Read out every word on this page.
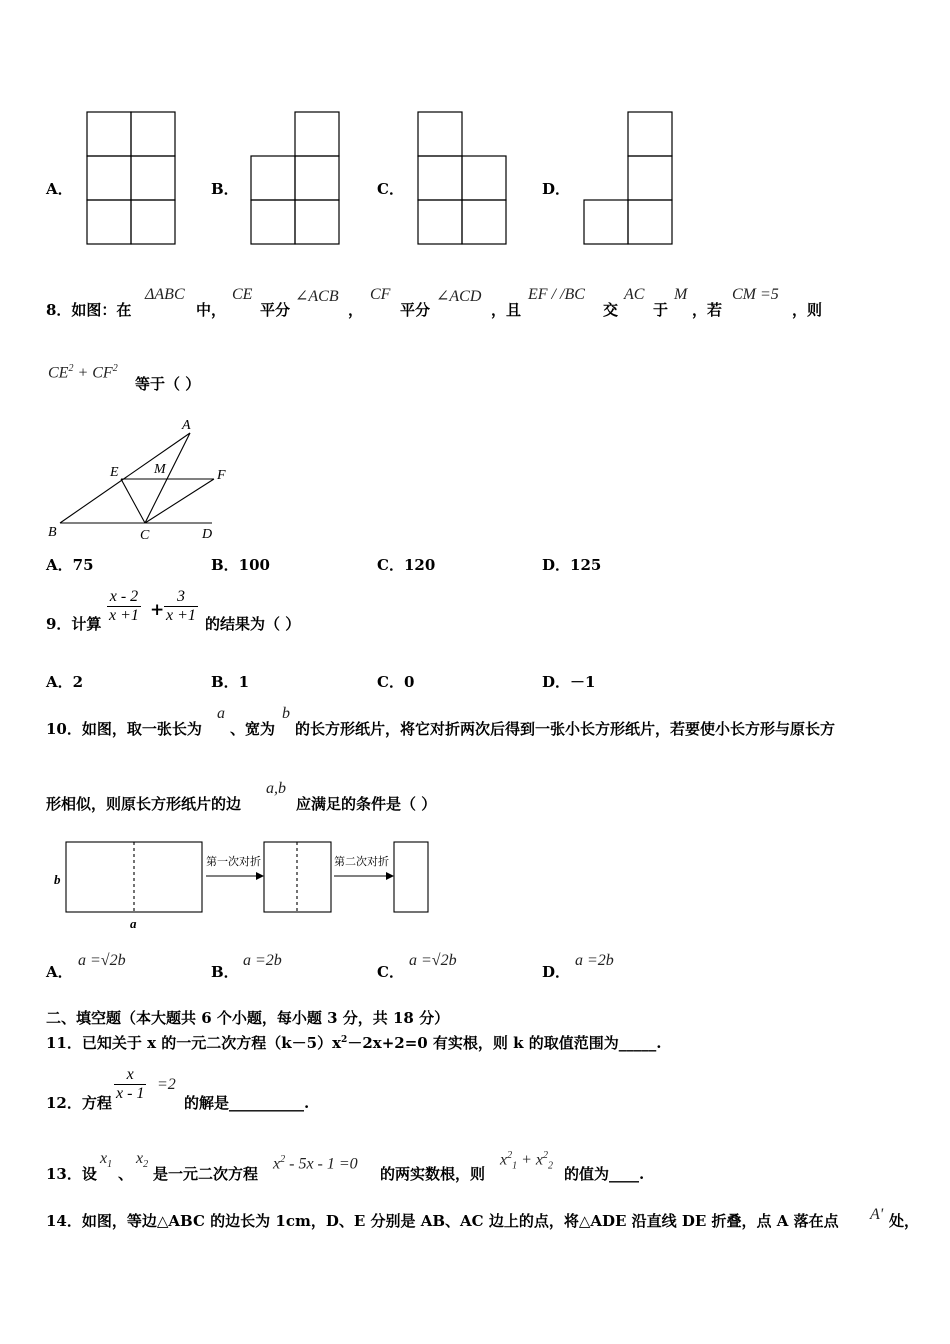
A．	B．	C．	D．
8．如图：在
ΔABC
中，
CE
平分
∠ACB
，
CF
平分
∠ACD
，且
EF / /BC
交
AC
于
M
，若
CM =5
，则
$CE^2 + CF^2$
等于（ ）
A
B	C	D
E	F
M
A．75	B．100	C．120	D．125
9．计算 $\frac{x - 2}{x +1} + \frac{3}{x +1}$ 的结果为（ ）
A．2	B．1	C．0	D．－1
10．如图，取一张长为
a
、宽为
b
的长方形纸片，将它对折两次后得到一张小长方形纸片，若要使小长方形与原长方
形相似，则原长方形纸片的边
a,b
应满足的条件是（ ）
第一次对折	第二次对折
a
b
A．
a =√2b
B．
a =2b
C．
a =√2b
D．
a =2b
二、填空题（本大题共 6 个小题，每小题 3 分，共 18 分）
11．已知关于 x 的一元二次方程$(k-5)x^2-2x+2=0$ 有实根，则 k 的取值范围为_____.
12．方程 $\frac{x}{x - 1} =2$
的解是__________.
13．设
$x_1$
、
$x_2$
是一元二次方程
$x^2 - 5x - 1 =0$
的两实数根，则
$x^2_1 + x^2_2$ 的值为____.
14．如图，等边△ABC 的边长为 1cm，D、E 分别是 AB、AC 边上的点，将△ADE 沿直线 DE 折叠，点 A 落在点 A' 处，
